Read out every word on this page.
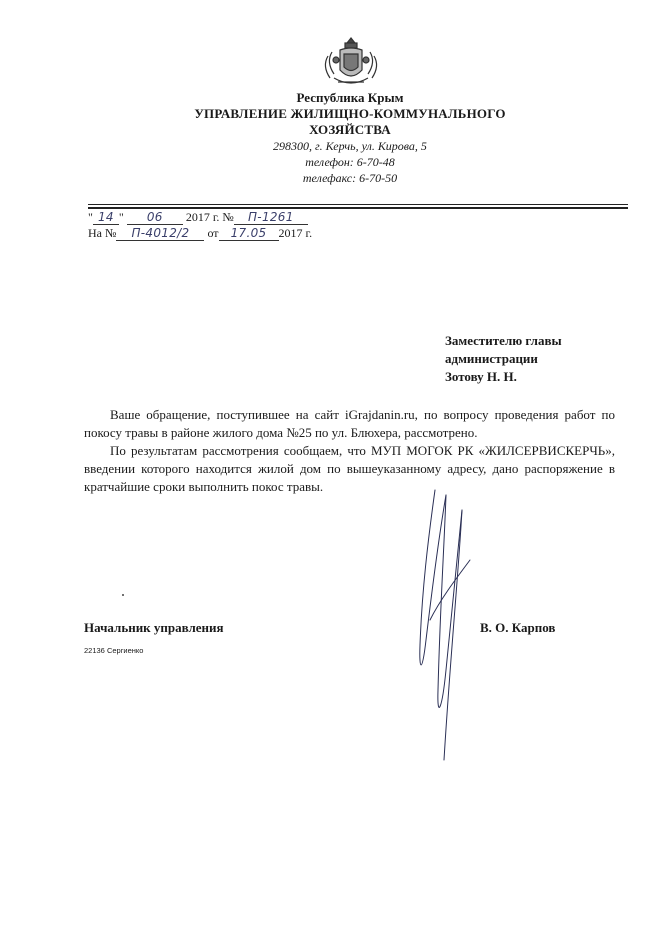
Республика Крым
УПРАВЛЕНИЕ ЖИЛИЩНО-КОММУНАЛЬНОГО
ХОЗЯЙСТВА
298300, г. Керчь, ул. Кирова, 5
телефон: 6-70-48
телефакс: 6-70-50
" 14 " 06 2017 г. № П-1261
На № П-4012/2 от 17.05 2017 г.
Заместителю главы
администрации
Зотову Н. Н.

Ваше обращение, поступившее на сайт iGrajdanin.ru, по вопросу проведения работ по покосу травы в районе жилого дома №25 по ул. Блюхера, рассмотрено.

По результатам рассмотрения сообщаем, что МУП МОГОК РК «ЖИЛСЕРВИСКЕРЧЬ», введении которого находится жилой дом по вышеуказанному адресу, дано распоряжение в кратчайшие сроки выполнить покос травы.

Начальник управления	В. О. Карпов
22136 Сергиенко
